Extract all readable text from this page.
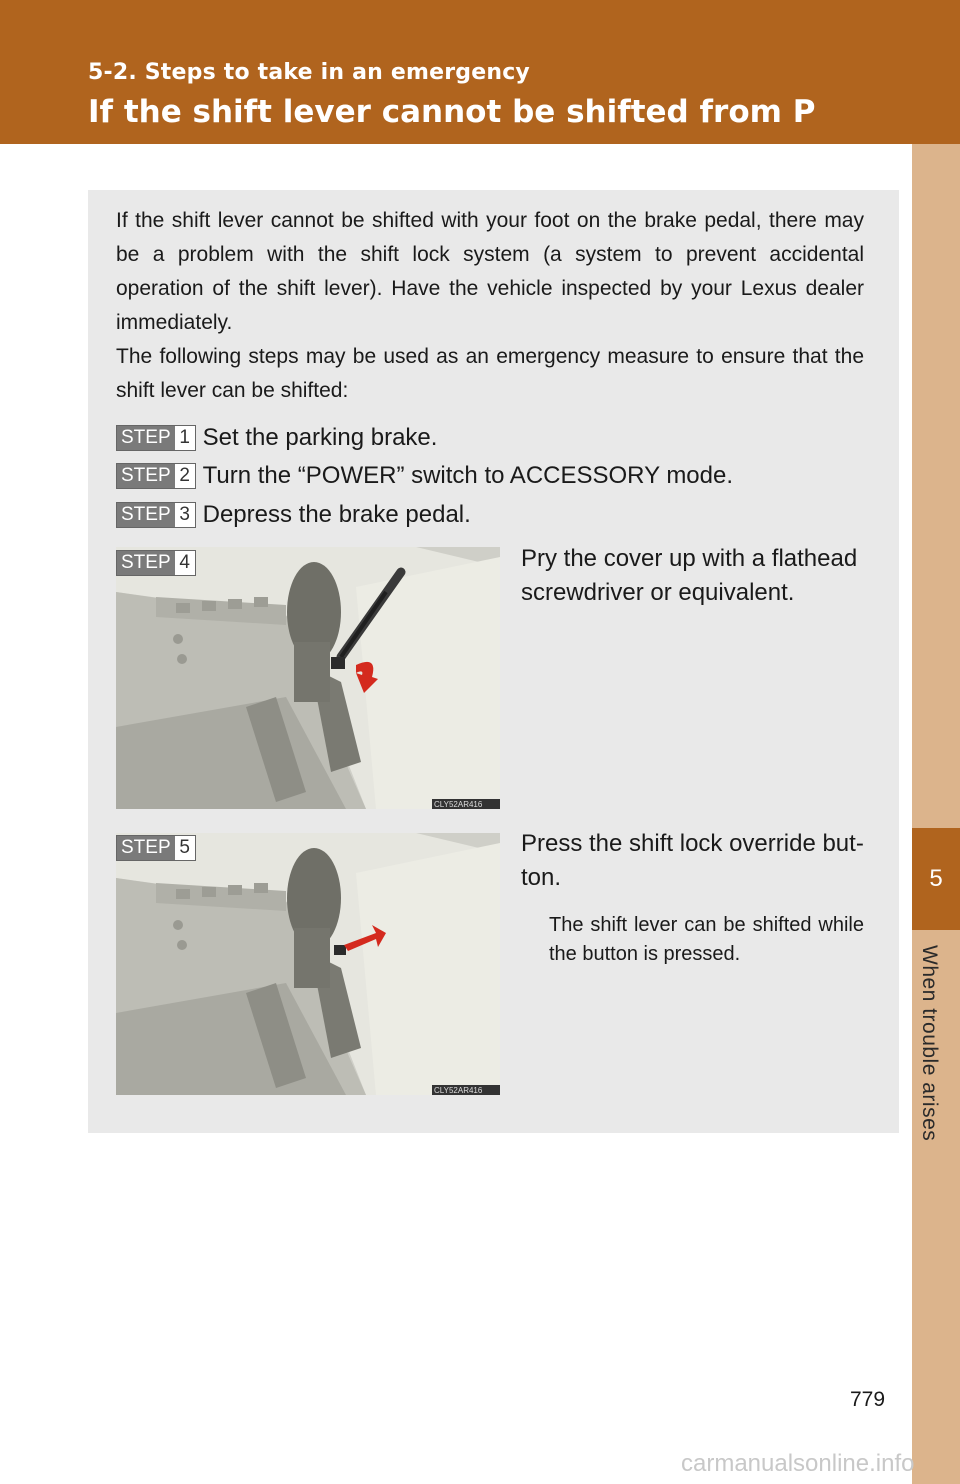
5-2. Steps to take in an emergency
If the shift lever cannot be shifted from P
5
When trouble arises

If the shift lever cannot be shifted with your foot on the brake pedal, there may be a problem with the shift lock system (a system to prevent accidental operation of the shift lever). Have the vehicle inspected by your Lexus dealer immediately.

The following steps may be used as an emergency measure to ensure that the shift lever can be shifted:

STEP 1 Set the parking brake.
STEP 2 Turn the “POWER” switch to ACCESSORY mode.
STEP 3 Depress the brake pedal.
CLY52AR416
STEP 4	Pry the cover up with a flathead screwdriver or equivalent.
CLY52AR416
STEP 5	Press the shift lock override but-ton.
The shift lever can be shifted while the button is pressed.
779
carmanualsonline.info
